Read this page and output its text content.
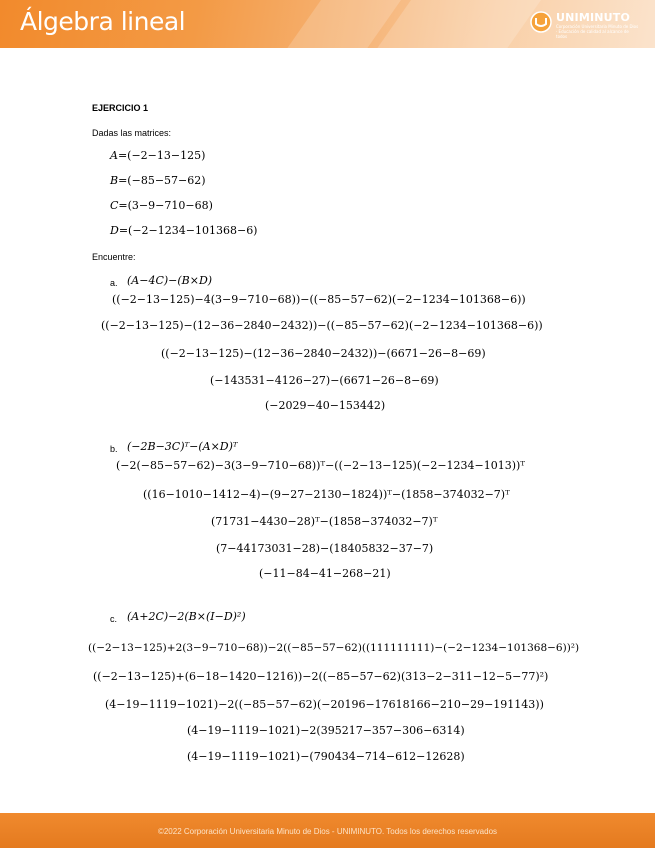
Álgebra lineal	UNIMINUTO
Corporación Universitaria Minuto de Dios · Educación de calidad al alcance de todos
EJERCICIO 1
Dadas las matrices:
A=(−2−13−125)
B=(−85−57−62)
C=(3−9−710−68)
D=(−2−1234−101368−6)
Encuentre:
a. (A−4C)−(B×D)
((−2−13−125)−4(3−9−710−68))−((−85−57−62)(−2−1234−101368−6))
((−2−13−125)−(12−36−2840−2432))−((−85−57−62)(−2−1234−101368−6))
((−2−13−125)−(12−36−2840−2432))−(6671−26−8−69)
(−143531−4126−27)−(6671−26−8−69)
(−2029−40−153442)
b. (−2B−3C)ᵀ−(A×D)ᵀ
(−2(−85−57−62)−3(3−9−710−68))ᵀ−((−2−13−125)(−2−1234−1013))ᵀ
((16−1010−1412−4)−(9−27−2130−1824))ᵀ−(1858−374032−7)ᵀ
(71731−4430−28)ᵀ−(1858−374032−7)ᵀ
(7−44173031−28)−(18405832−37−7)
(−11−84−41−268−21)
c. (A+2C)−2(B×(I−D)²)
((−2−13−125)+2(3−9−710−68))−2((−85−57−62)((111111111)−(−2−1234−101368−6))²)
((−2−13−125)+(6−18−1420−1216))−2((−85−57−62)(313−2−311−12−5−77)²)
(4−19−1119−1021)−2((−85−57−62)(−20196−17618166−210−29−191143))
(4−19−1119−1021)−2(395217−357−306−6314)
(4−19−1119−1021)−(790434−714−612−12628)
©2022 Corporación Universitaria Minuto de Dios - UNIMINUTO. Todos los derechos reservados
